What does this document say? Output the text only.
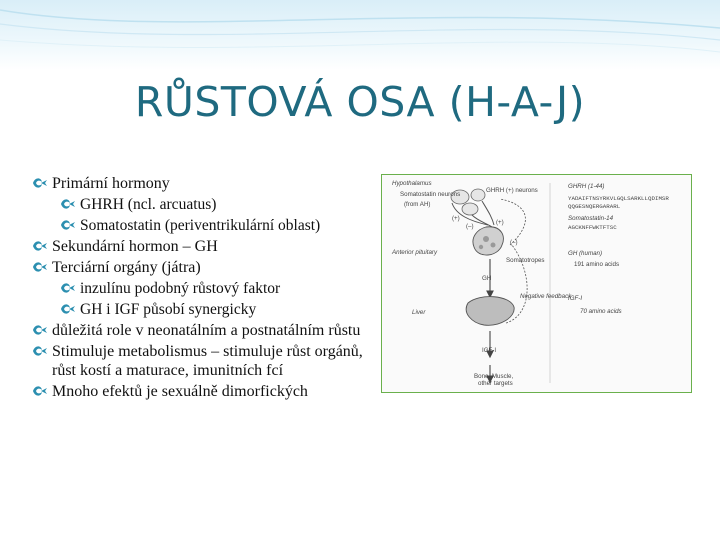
RŮSTOVÁ OSA (H-A-J)
Primární hormony
GHRH (ncl. arcuatus)
Somatostatin (periventrikulární oblast)
Sekundární hormon – GH
Terciární orgány (játra)
inzulínu podobný růstový faktor
GH i IGF působí synergicky
důležitá role v neonatálním a postnatálním růstu
Stimuluje metabolismus – stimuluje růst orgánů, růst kostí a maturace, imunitních fcí
Mnoho efektů je sexuálně dimorfických
Hypothalamus
Somatostatin neurons
GHRH (+) neurons
(from AH)
(+)
(+)
(–)
(–)
Anterior pituitary
Somatotropes
GH
Negative feedback
Liver
IGF-I
Bone, Muscle,
other targets
GHRH (1-44)
YADAIFTNSYRKVLGQLSARKLLQDIMSR
QQGESNQERGARARL
Somatostatin-14
AGCKNFFWKTFTSC
GH (human)
191 amino acids
IGF-I
70 amino acids
